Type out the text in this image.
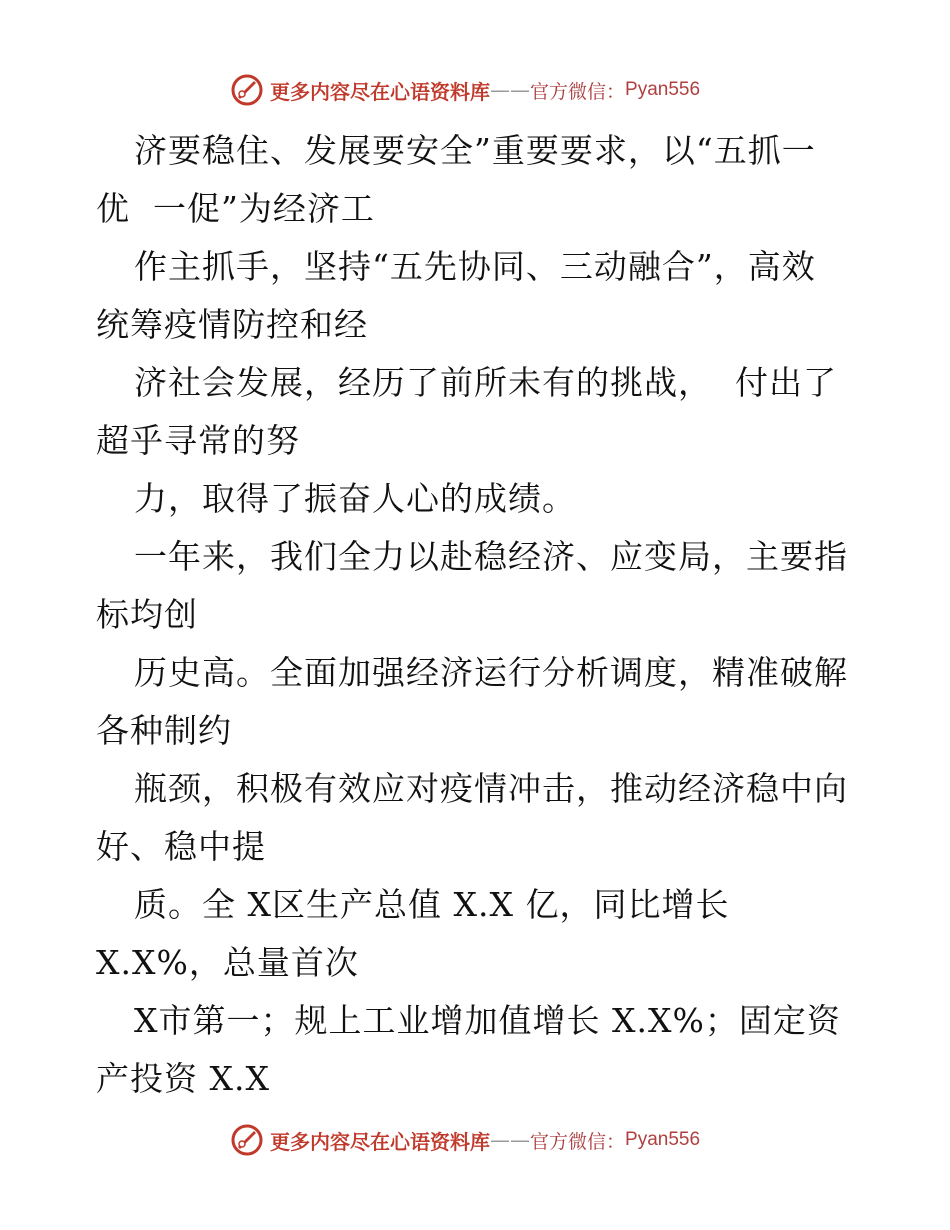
更多内容尽在心语资料库 —— 官方微信： Pyan556
济要稳住、发展要安全”重要要求，以“五抓一
优  一促”为经济工
作主抓手，坚持“五先协同、三动融合”，高效
统筹疫情防控和经
济社会发展，经历了前所未有的挑战，  付出了
超乎寻常的努
力，取得了振奋人心的成绩。
一年来，我们全力以赴稳经济、应变局，主要指
标均创
历史高。全面加强经济运行分析调度，精准破解
各种制约
瓶颈，积极有效应对疫情冲击，推动经济稳中向
好、稳中提
质。全 X区生产总值 X.X 亿，同比增长
X.X%，总量首次
X市第一；规上工业增加值增长 X.X%；固定资
产投资 X.X
更多内容尽在心语资料库 —— 官方微信： Pyan556
